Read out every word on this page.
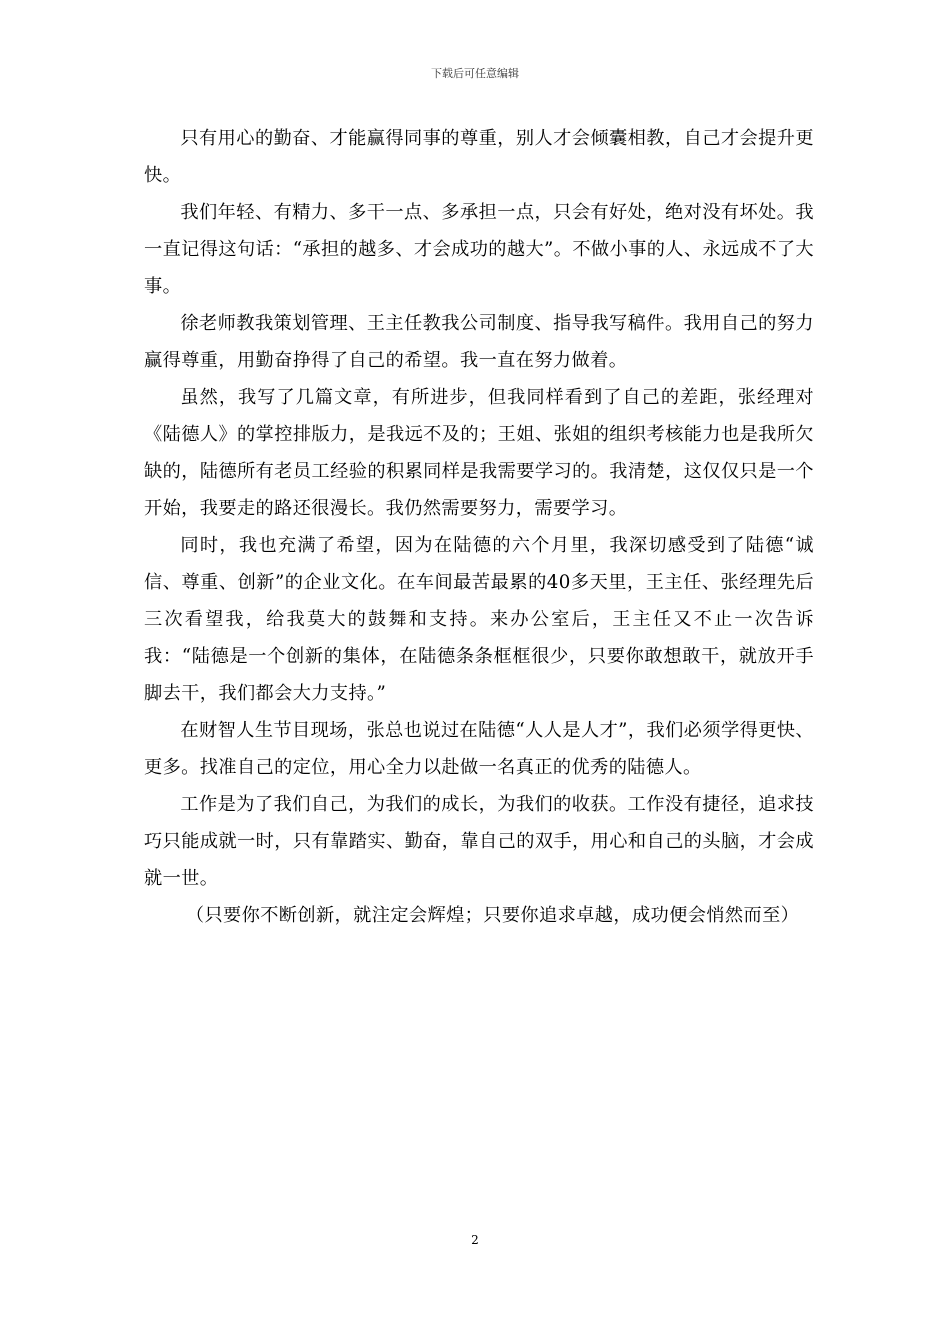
下载后可任意编辑

只有用心的勤奋、才能赢得同事的尊重，别人才会倾囊相教，自己才会提升更快。

我们年轻、有精力、多干一点、多承担一点，只会有好处，绝对没有坏处。我一直记得这句话：“承担的越多、才会成功的越大”。不做小事的人、永远成不了大事。

徐老师教我策划管理、王主任教我公司制度、指导我写稿件。我用自己的努力赢得尊重，用勤奋挣得了自己的希望。我一直在努力做着。

虽然，我写了几篇文章，有所进步，但我同样看到了自己的差距，张经理对《陆德人》的掌控排版力，是我远不及的；王姐、张姐的组织考核能力也是我所欠缺的，陆德所有老员工经验的积累同样是我需要学习的。我清楚，这仅仅只是一个开始，我要走的路还很漫长。我仍然需要努力，需要学习。

同时，我也充满了希望，因为在陆德的六个月里，我深切感受到了陆德“诚信、尊重、创新”的企业文化。在车间最苦最累的40多天里，王主任、张经理先后三次看望我，给我莫大的鼓舞和支持。来办公室后，王主任又不止一次告诉我：“陆德是一个创新的集体，在陆德条条框框很少，只要你敢想敢干，就放开手脚去干，我们都会大力支持。”

在财智人生节目现场，张总也说过在陆德“人人是人才”，我们必须学得更快、更多。找准自己的定位，用心全力以赴做一名真正的优秀的陆德人。

工作是为了我们自己，为我们的成长，为我们的收获。工作没有捷径，追求技巧只能成就一时，只有靠踏实、勤奋，靠自己的双手，用心和自己的头脑，才会成就一世。

（只要你不断创新，就注定会辉煌；只要你追求卓越，成功便会悄然而至）

2
